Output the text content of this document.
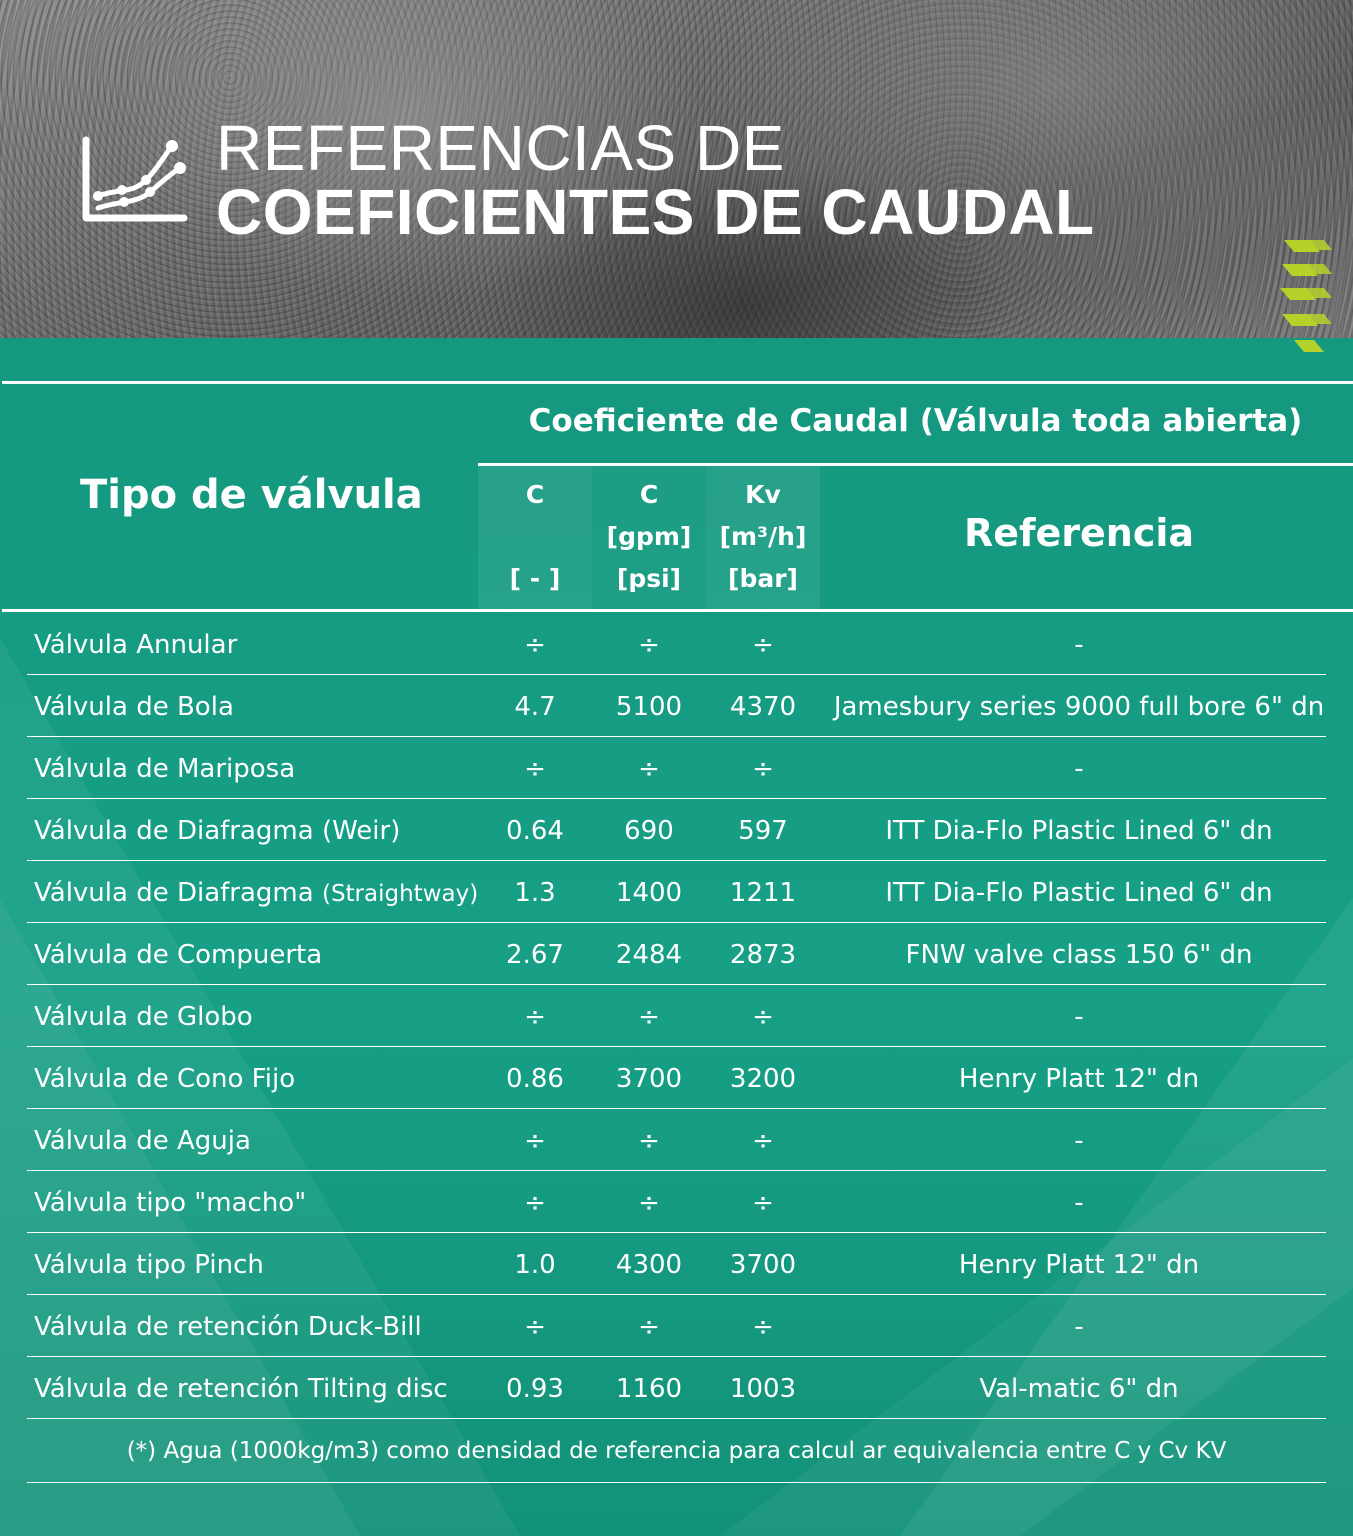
REFERENCIAS DE
COEFICIENTES DE CAUDAL
Coeficiente de Caudal (Válvula toda abierta)
Tipo de válvula
Referencia
C
[ - ]
C
[gpm]
[psi]
Kv
[m³/h]
[bar]
Válvula Annular	÷	÷	÷	-
Válvula de Bola	4.7	5100	4370	Jamesbury series 9000 full bore 6" dn
Válvula de Mariposa	÷	÷	÷	-
Válvula de Diafragma (Weir)	0.64	690	597	ITT Dia-Flo Plastic Lined 6" dn
Válvula de Diafragma (Straightway)	1.3	1400	1211	ITT Dia-Flo Plastic Lined 6" dn
Válvula de Compuerta	2.67	2484	2873	FNW valve class 150 6" dn
Válvula de Globo	÷	÷	÷	-
Válvula de Cono Fijo	0.86	3700	3200	Henry Platt 12" dn
Válvula de Aguja	÷	÷	÷	-
Válvula tipo "macho"	÷	÷	÷	-
Válvula tipo Pinch	1.0	4300	3700	Henry Platt 12" dn
Válvula de retención Duck-Bill	÷	÷	÷	-
Válvula de retención Tilting disc	0.93	1160	1003	Val-matic 6" dn
(*) Agua (1000kg/m3) como densidad de referencia para calcul ar equivalencia entre C y Cv KV
